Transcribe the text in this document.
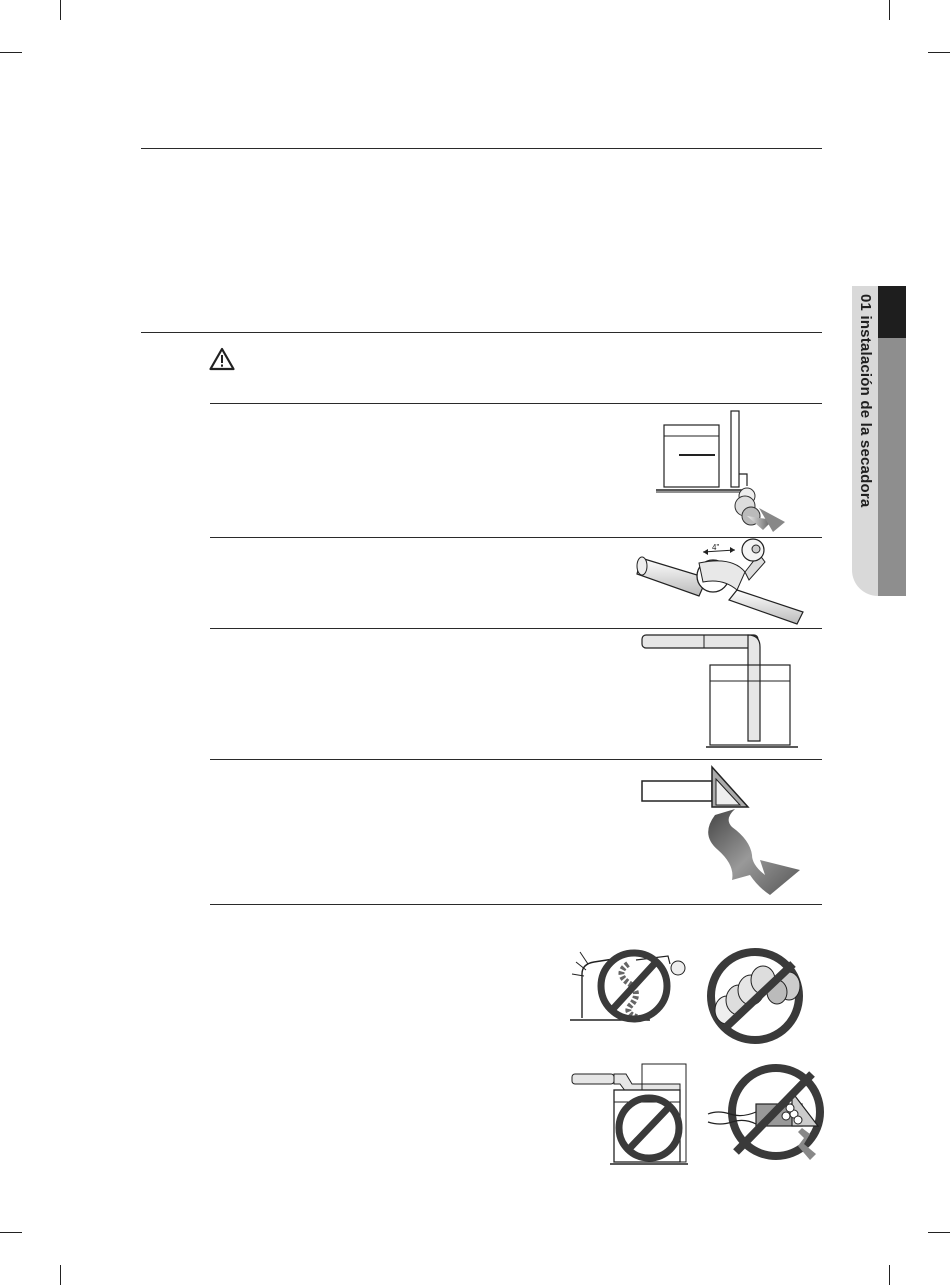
01 instalación de la secadora
4"
